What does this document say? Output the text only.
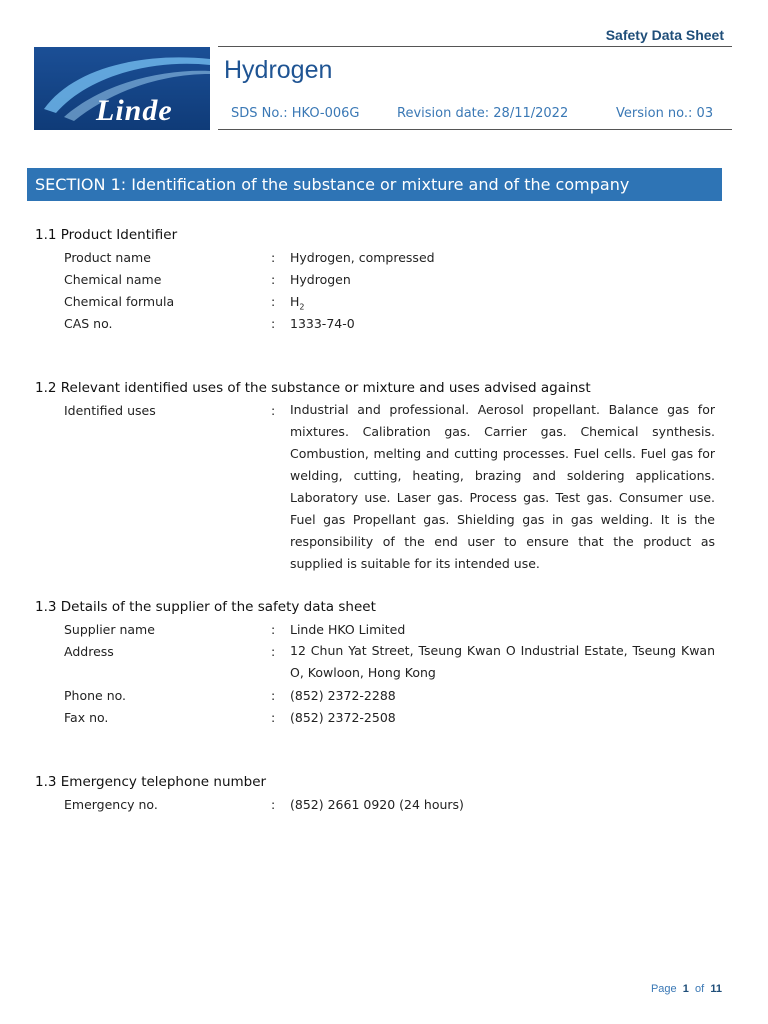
Safety Data Sheet
Linde
Hydrogen
SDS No.: HKO-006G	Revision date: 28/11/2022	Version no.: 03
SECTION 1: Identification of the substance or mixture and of the company
1.1 Product Identifier
Product name	: Hydrogen, compressed
Chemical name	: Hydrogen
Chemical formula	: $H_2$
CAS no.	: 1333-74-0
1.2 Relevant identified uses of the substance or mixture and uses advised against
Identified uses	: Industrial and professional. Aerosol propellant. Balance gas for mixtures. Calibration gas. Carrier gas. Chemical synthesis. Combustion, melting and cutting processes. Fuel cells. Fuel gas for welding, cutting, heating, brazing and soldering applications. Laboratory use. Laser gas. Process gas. Test gas. Consumer use. Fuel gas Propellant gas. Shielding gas in gas welding. It is the responsibility of the end user to ensure that the product as supplied is suitable for its intended use.
1.3 Details of the supplier of the safety data sheet
Supplier name	: Linde HKO Limited
Address	: 12 Chun Yat Street, Tseung Kwan O Industrial Estate, Tseung Kwan O, Kowloon, Hong Kong
Phone no.	: (852) 2372-2288
Fax no.	: (852) 2372-2508
1.3 Emergency telephone number
Emergency no.	: (852) 2661 0920 (24 hours)
Page 1 of 11
